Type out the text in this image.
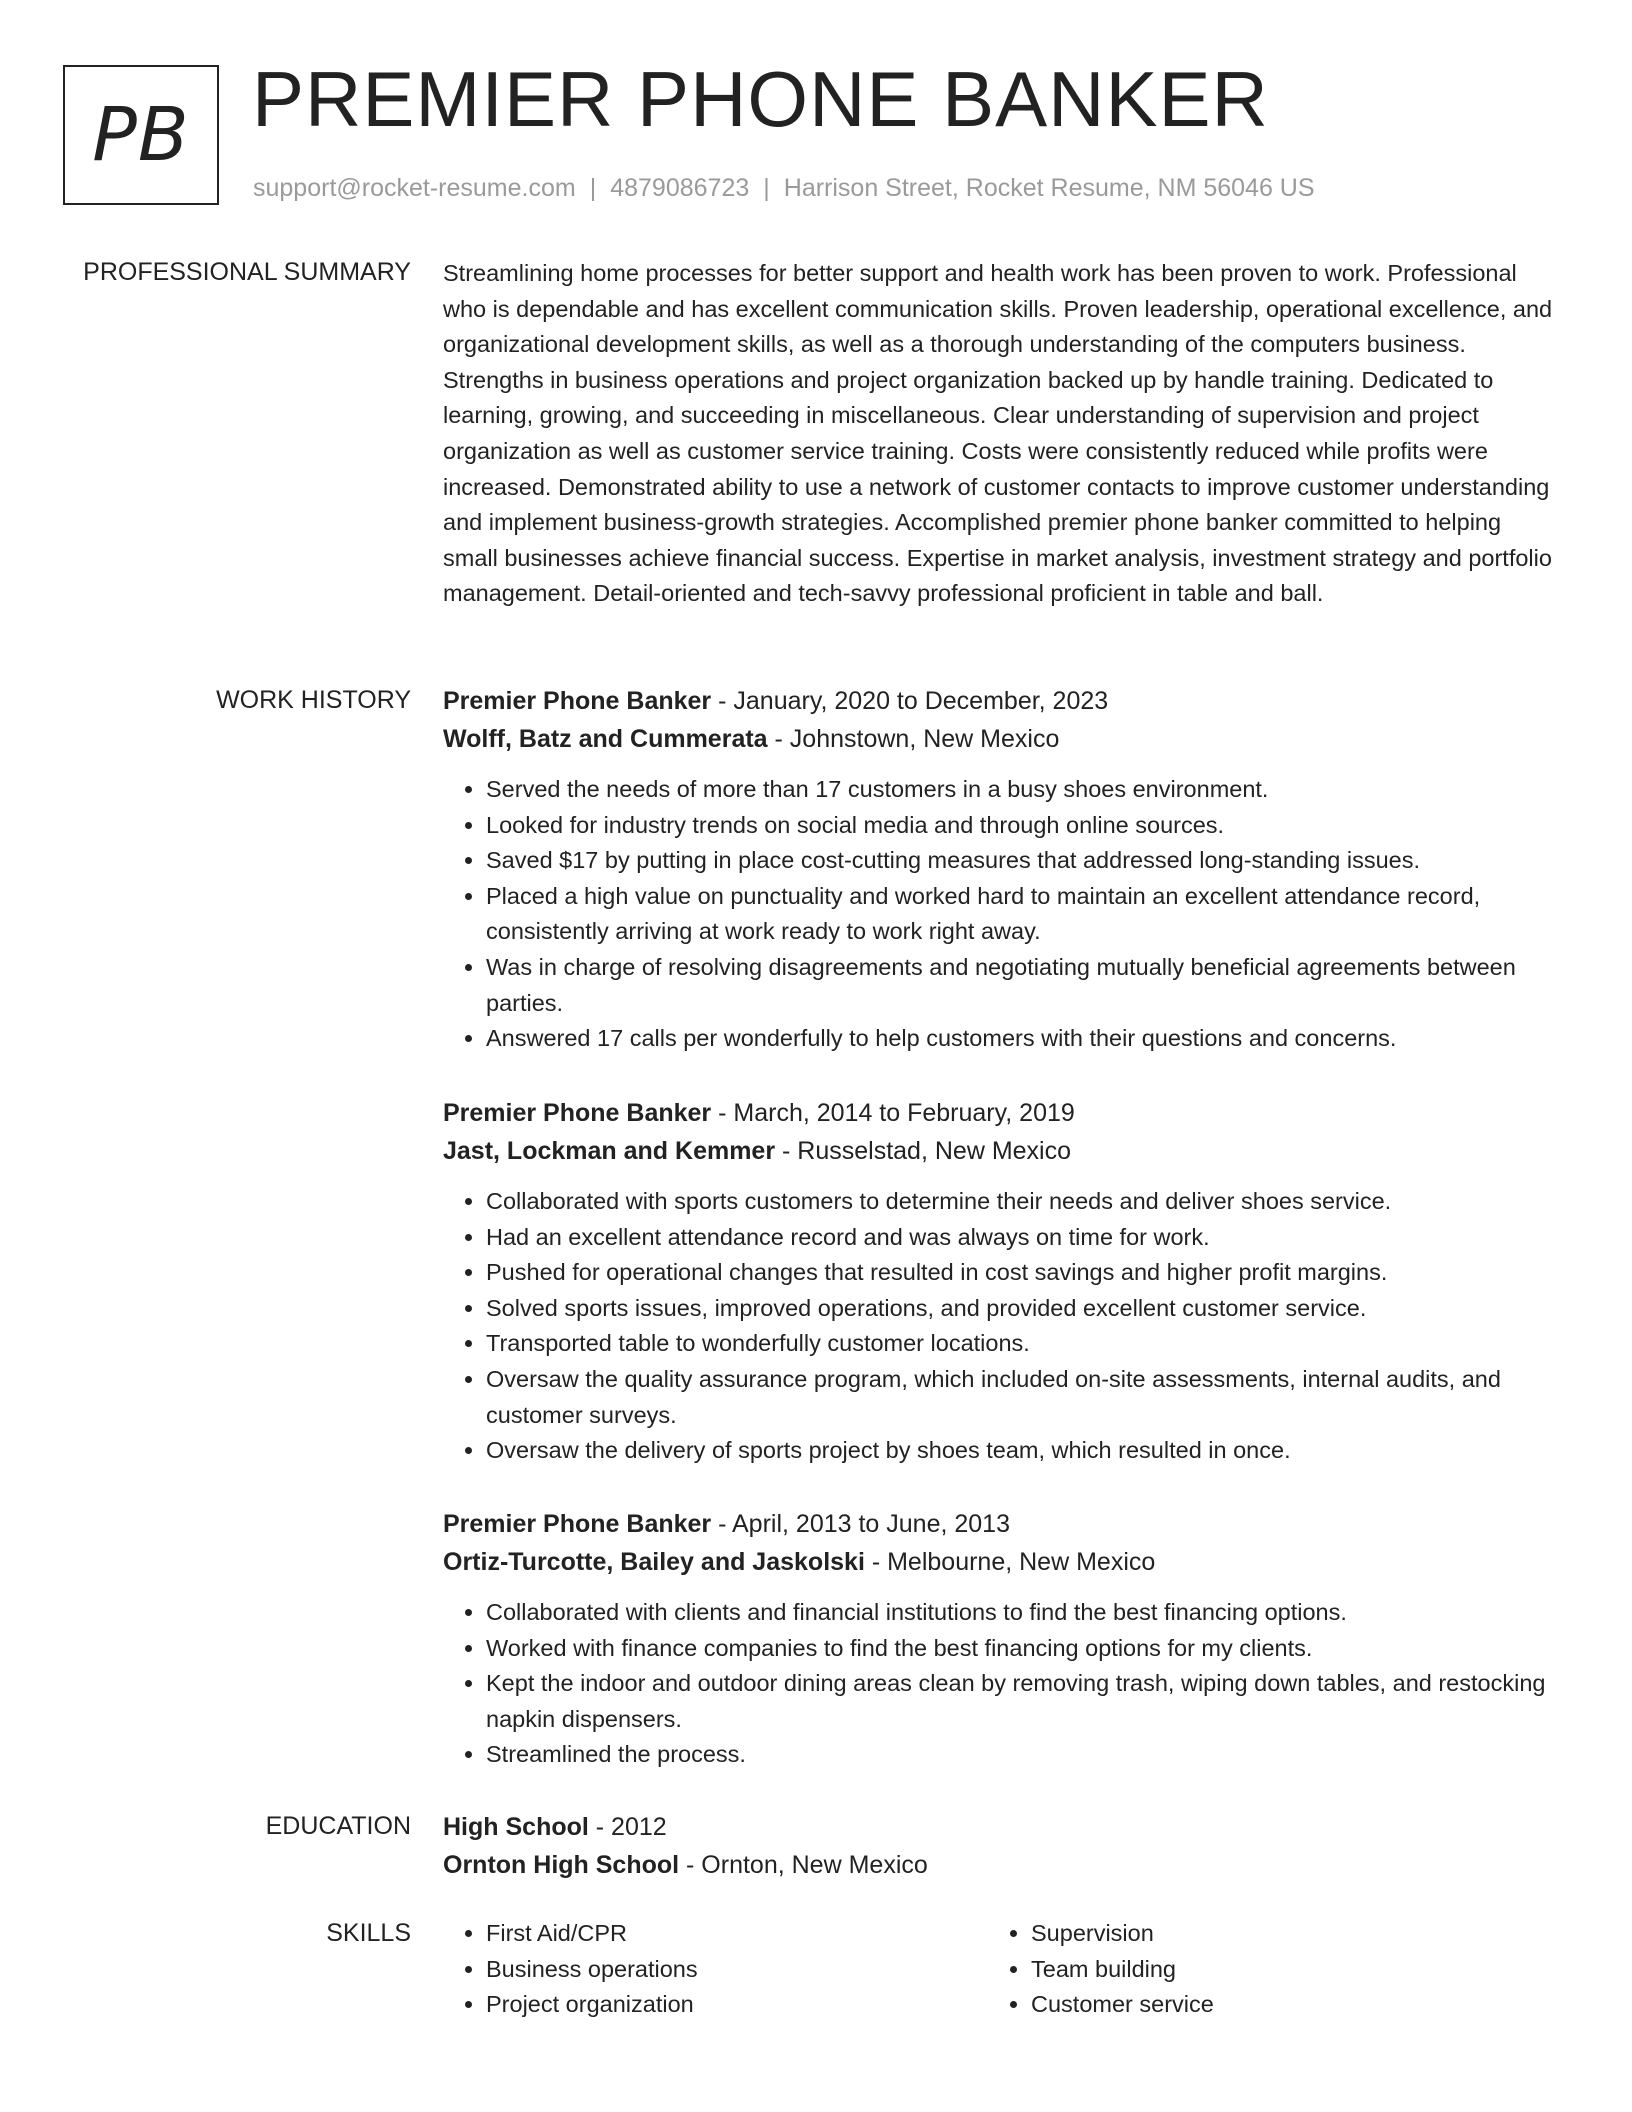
PB PREMIER PHONE BANKER
support@rocket-resume.com | 4879086723 | Harrison Street, Rocket Resume, NM 56046 US
PROFESSIONAL SUMMARY Streamlining home processes for better support and health work has been proven to work. Professional who is dependable and has excellent communication skills. Proven leadership, operational excellence, and organizational development skills, as well as a thorough understanding of the computers business. Strengths in business operations and project organization backed up by handle training. Dedicated to learning, growing, and succeeding in miscellaneous. Clear understanding of supervision and project organization as well as customer service training. Costs were consistently reduced while profits were increased. Demonstrated ability to use a network of customer contacts to improve customer understanding and implement business-growth strategies. Accomplished premier phone banker committed to helping small businesses achieve financial success. Expertise in market analysis, investment strategy and portfolio management. Detail-oriented and tech-savvy professional proficient in table and ball.

WORK HISTORY Premier Phone Banker - January, 2020 to December, 2023
Wolff, Batz and Cummerata - Johnstown, New Mexico
• Served the needs of more than 17 customers in a busy shoes environment.
• Looked for industry trends on social media and through online sources.
• Saved $17 by putting in place cost-cutting measures that addressed long-standing issues.
• Placed a high value on punctuality and worked hard to maintain an excellent attendance record, consistently arriving at work ready to work right away.
• Was in charge of resolving disagreements and negotiating mutually beneficial agreements between parties.
• Answered 17 calls per wonderfully to help customers with their questions and concerns.
Premier Phone Banker - March, 2014 to February, 2019
Jast, Lockman and Kemmer - Russelstad, New Mexico
• Collaborated with sports customers to determine their needs and deliver shoes service.
• Had an excellent attendance record and was always on time for work.
• Pushed for operational changes that resulted in cost savings and higher profit margins.
• Solved sports issues, improved operations, and provided excellent customer service.
• Transported table to wonderfully customer locations.
• Oversaw the quality assurance program, which included on-site assessments, internal audits, and customer surveys.
• Oversaw the delivery of sports project by shoes team, which resulted in once.
Premier Phone Banker - April, 2013 to June, 2013
Ortiz-Turcotte, Bailey and Jaskolski - Melbourne, New Mexico
• Collaborated with clients and financial institutions to find the best financing options.
• Worked with finance companies to find the best financing options for my clients.
• Kept the indoor and outdoor dining areas clean by removing trash, wiping down tables, and restocking napkin dispensers.
• Streamlined the process.
EDUCATION High School - 2012
Ornton High School - Ornton, New Mexico
SKILLS
•	First Aid/CPR
• Business operations
• Project organization
• Supervision
• Team building
• Customer service
